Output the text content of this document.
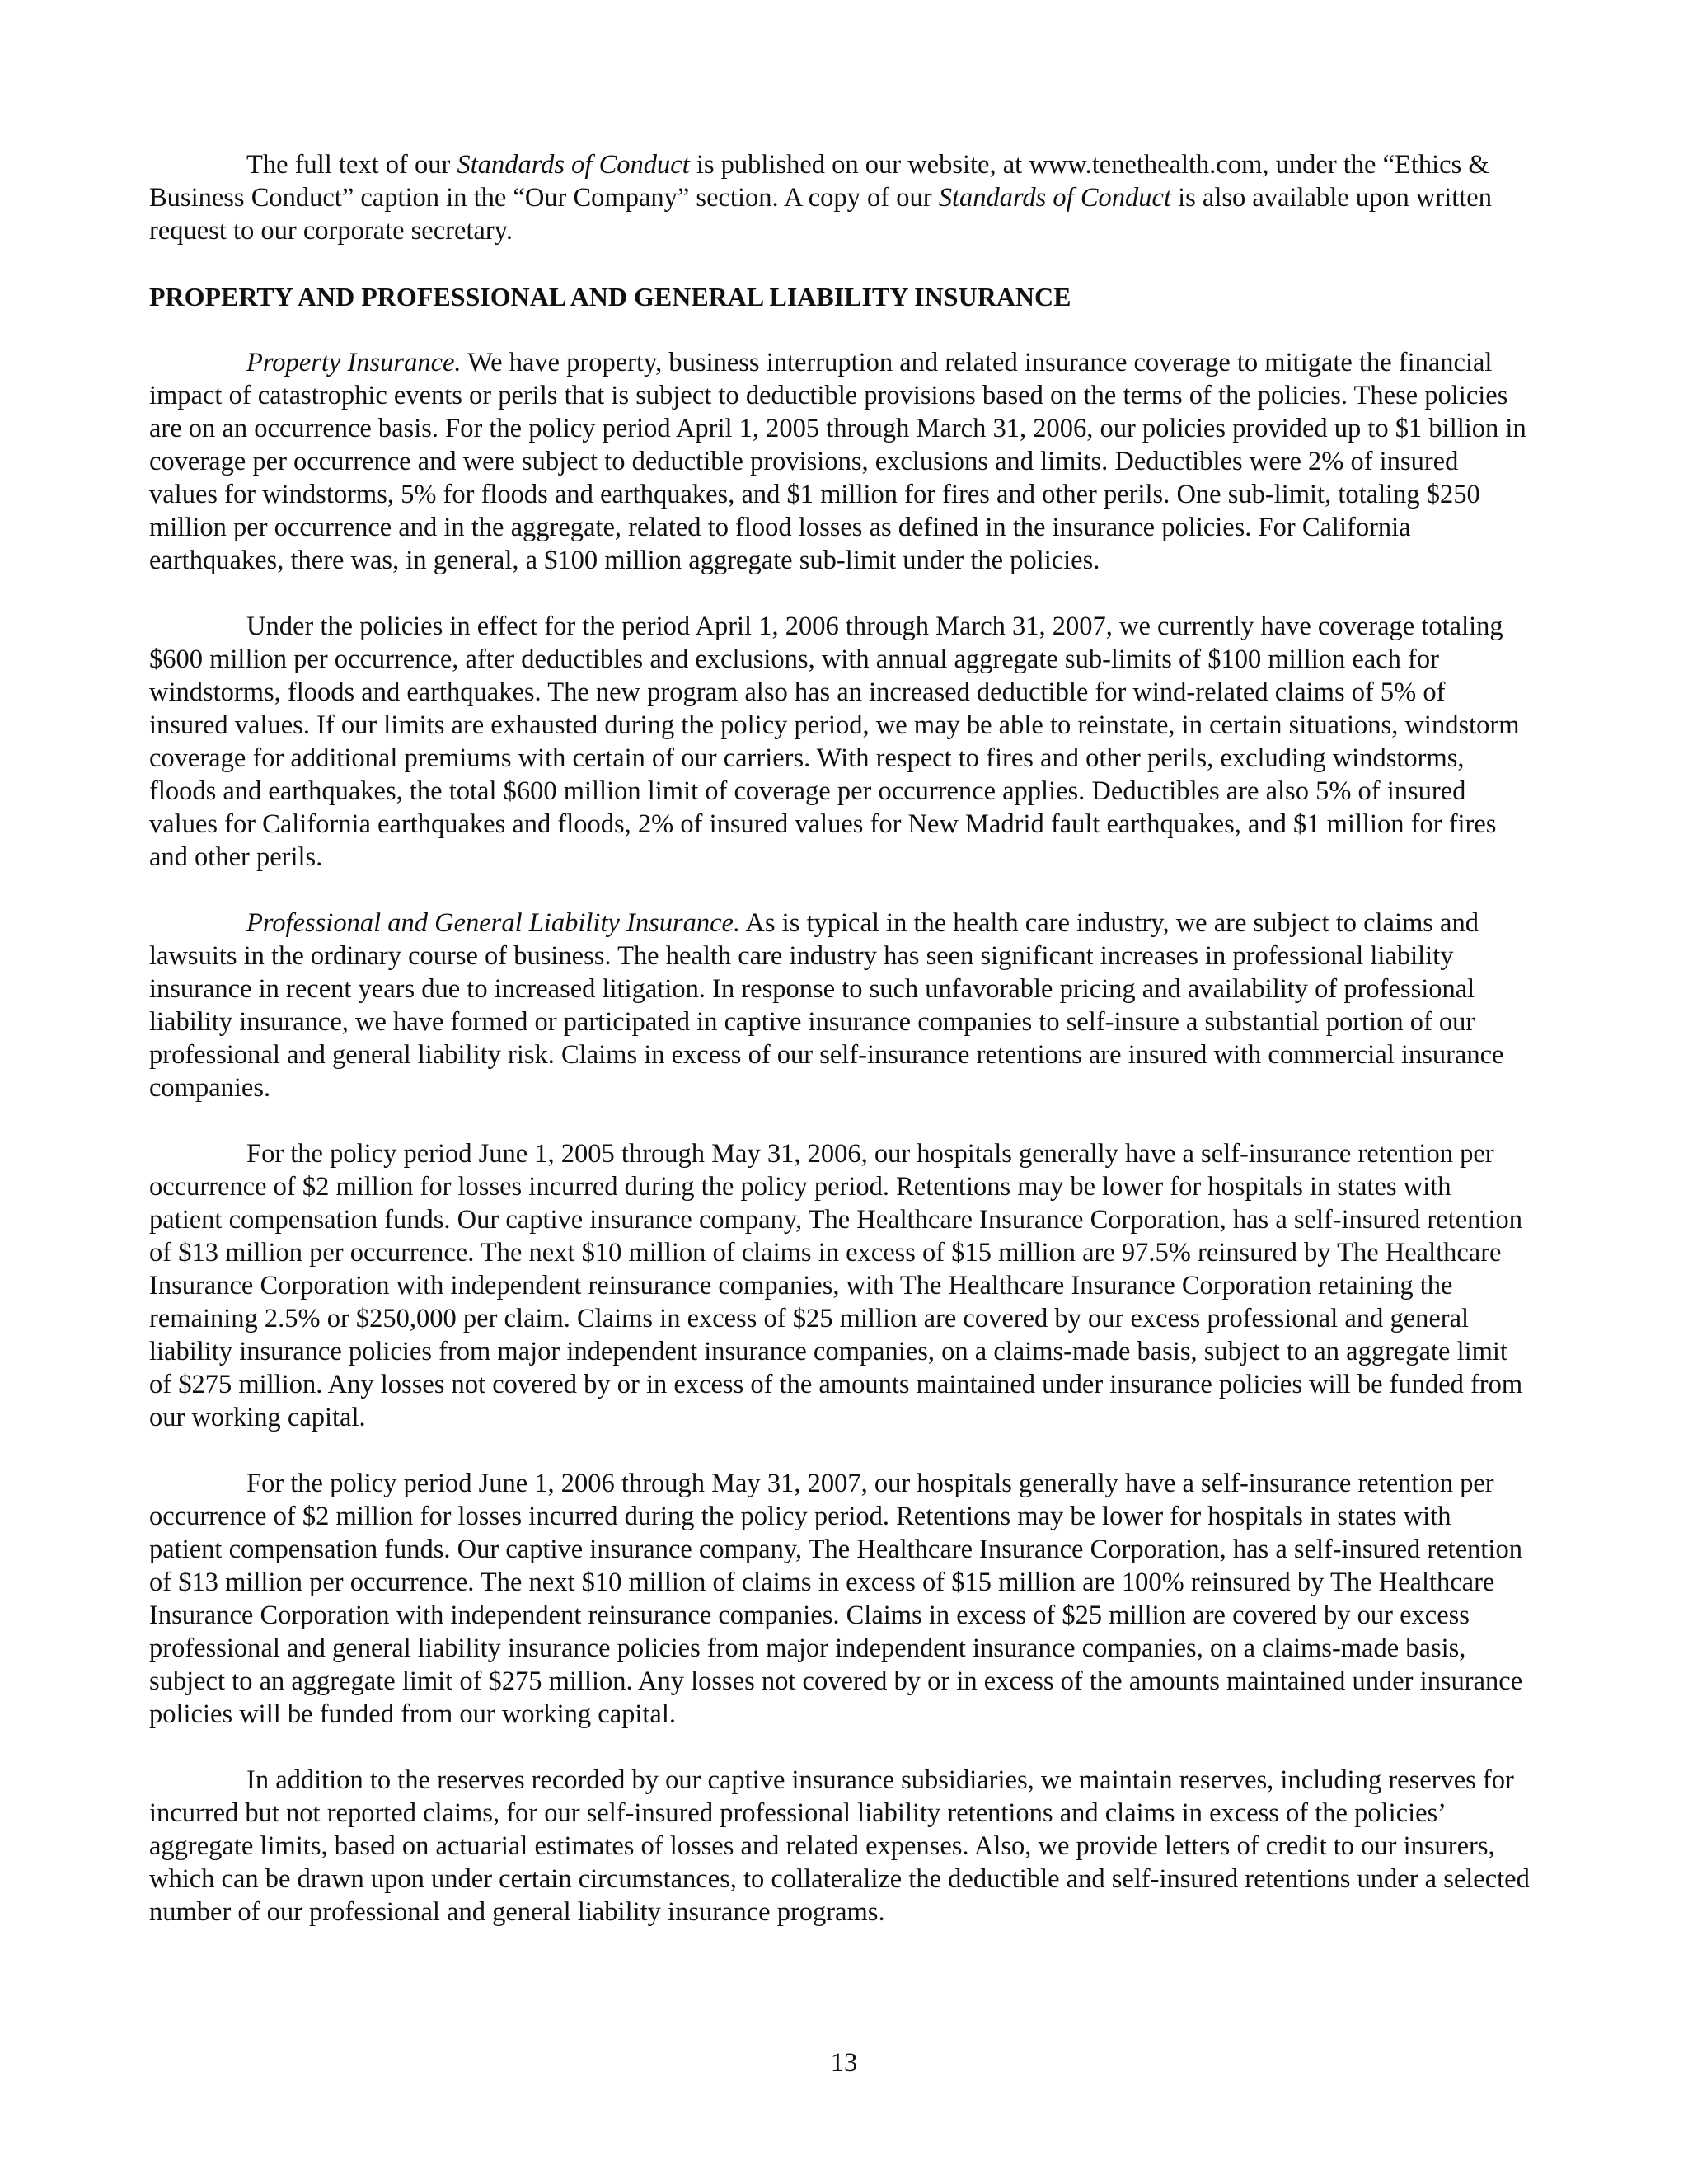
The full text of our Standards of Conduct is published on our website, at www.tenethealth.com, under the “Ethics & Business Conduct” caption in the “Our Company” section. A copy of our Standards of Conduct is also available upon written request to our corporate secretary.

PROPERTY AND PROFESSIONAL AND GENERAL LIABILITY INSURANCE

Property Insurance. We have property, business interruption and related insurance coverage to mitigate the financial impact of catastrophic events or perils that is subject to deductible provisions based on the terms of the policies. These policies are on an occurrence basis. For the policy period April 1, 2005 through March 31, 2006, our policies provided up to $1 billion in coverage per occurrence and were subject to deductible provisions, exclusions and limits. Deductibles were 2% of insured values for windstorms, 5% for floods and earthquakes, and $1 million for fires and other perils. One sub-limit, totaling $250 million per occurrence and in the aggregate, related to flood losses as defined in the insurance policies. For California earthquakes, there was, in general, a $100 million aggregate sub-limit under the policies.

Under the policies in effect for the period April 1, 2006 through March 31, 2007, we currently have coverage totaling $600 million per occurrence, after deductibles and exclusions, with annual aggregate sub-limits of $100 million each for windstorms, floods and earthquakes. The new program also has an increased deductible for wind-related claims of 5% of insured values. If our limits are exhausted during the policy period, we may be able to reinstate, in certain situations, windstorm coverage for additional premiums with certain of our carriers. With respect to fires and other perils, excluding windstorms, floods and earthquakes, the total $600 million limit of coverage per occurrence applies. Deductibles are also 5% of insured values for California earthquakes and floods, 2% of insured values for New Madrid fault earthquakes, and $1 million for fires and other perils.

Professional and General Liability Insurance. As is typical in the health care industry, we are subject to claims and lawsuits in the ordinary course of business. The health care industry has seen significant increases in professional liability insurance in recent years due to increased litigation. In response to such unfavorable pricing and availability of professional liability insurance, we have formed or participated in captive insurance companies to self-insure a substantial portion of our professional and general liability risk. Claims in excess of our self-insurance retentions are insured with commercial insurance companies.

For the policy period June 1, 2005 through May 31, 2006, our hospitals generally have a self-insurance retention per occurrence of $2 million for losses incurred during the policy period. Retentions may be lower for hospitals in states with patient compensation funds. Our captive insurance company, The Healthcare Insurance Corporation, has a self-insured retention of $13 million per occurrence. The next $10 million of claims in excess of $15 million are 97.5% reinsured by The Healthcare Insurance Corporation with independent reinsurance companies, with The Healthcare Insurance Corporation retaining the remaining 2.5% or $250,000 per claim. Claims in excess of $25 million are covered by our excess professional and general liability insurance policies from major independent insurance companies, on a claims-made basis, subject to an aggregate limit of $275 million. Any losses not covered by or in excess of the amounts maintained under insurance policies will be funded from our working capital.

For the policy period June 1, 2006 through May 31, 2007, our hospitals generally have a self-insurance retention per occurrence of $2 million for losses incurred during the policy period. Retentions may be lower for hospitals in states with patient compensation funds. Our captive insurance company, The Healthcare Insurance Corporation, has a self-insured retention of $13 million per occurrence. The next $10 million of claims in excess of $15 million are 100% reinsured by The Healthcare Insurance Corporation with independent reinsurance companies. Claims in excess of $25 million are covered by our excess professional and general liability insurance policies from major independent insurance companies, on a claims-made basis, subject to an aggregate limit of $275 million. Any losses not covered by or in excess of the amounts maintained under insurance policies will be funded from our working capital.

In addition to the reserves recorded by our captive insurance subsidiaries, we maintain reserves, including reserves for incurred but not reported claims, for our self-insured professional liability retentions and claims in excess of the policies’ aggregate limits, based on actuarial estimates of losses and related expenses. Also, we provide letters of credit to our insurers, which can be drawn upon under certain circumstances, to collateralize the deductible and self-insured retentions under a selected number of our professional and general liability insurance programs.

13
